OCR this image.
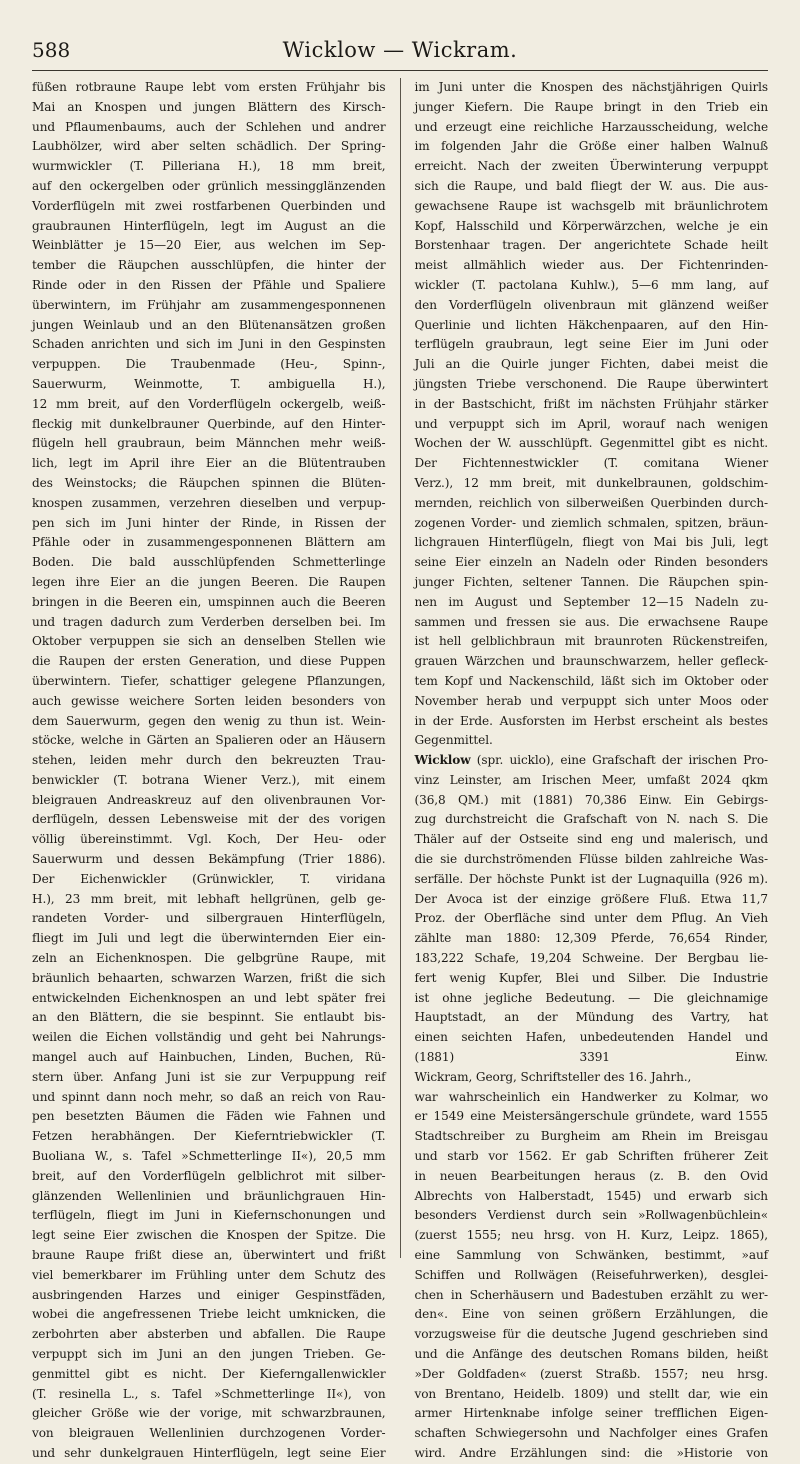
588	Wicklow — Wickram.
füßen rotbraune Raupe lebt vom ersten Frühjahr bis
Mai an Knospen und jungen Blättern des Kirsch-
und Pflaumenbaums, auch der Schlehen und andrer
Laubhölzer, wird aber selten schädlich. Der Spring-
wurmwickler (T. Pilleriana H.), 18 mm breit,
auf den ockergelben oder grünlich messingglänzenden
Vorderflügeln mit zwei rostfarbenen Querbinden und
graubraunen Hinterflügeln, legt im August an die
Weinblätter je 15—20 Eier, aus welchen im Sep-
tember die Räupchen ausschlüpfen, die hinter der
Rinde oder in den Rissen der Pfähle und Spaliere
überwintern, im Frühjahr am zusammengesponnenen
jungen Weinlaub und an den Blütenansätzen großen
Schaden anrichten und sich im Juni in den Gespinsten
verpuppen. Die Traubenmade (Heu-, Spinn-,
Sauerwurm, Weinmotte, T. ambiguella H.),
12 mm breit, auf den Vorderflügeln ockergelb, weiß-
fleckig mit dunkelbrauner Querbinde, auf den Hinter-
flügeln hell graubraun, beim Männchen mehr weiß-
lich, legt im April ihre Eier an die Blütentrauben
des Weinstocks; die Räupchen spinnen die Blüten-
knospen zusammen, verzehren dieselben und verpup-
pen sich im Juni hinter der Rinde, in Rissen der
Pfähle oder in zusammengesponnenen Blättern am
Boden. Die bald ausschlüpfenden Schmetterlinge
legen ihre Eier an die jungen Beeren. Die Raupen
bringen in die Beeren ein, umspinnen auch die Beeren
und tragen dadurch zum Verderben derselben bei. Im
Oktober verpuppen sie sich an denselben Stellen wie
die Raupen der ersten Generation, und diese Puppen
überwintern. Tiefer, schattiger gelegene Pflanzungen,
auch gewisse weichere Sorten leiden besonders von
dem Sauerwurm, gegen den wenig zu thun ist. Wein-
stöcke, welche in Gärten an Spalieren oder an Häusern
stehen, leiden mehr durch den bekreuzten Trau-
benwickler (T. botrana Wiener Verz.), mit einem
bleigrauen Andreaskreuz auf den olivenbraunen Vor-
derflügeln, dessen Lebensweise mit der des vorigen
völlig übereinstimmt. Vgl. Koch, Der Heu- oder
Sauerwurm und dessen Bekämpfung (Trier 1886).
Der Eichenwickler (Grünwickler, T. viridana
H.), 23 mm breit, mit lebhaft hellgrünen, gelb ge-
randeten Vorder- und silbergrauen Hinterflügeln,
fliegt im Juli und legt die überwinternden Eier ein-
zeln an Eichenknospen. Die gelbgrüne Raupe, mit
bräunlich behaarten, schwarzen Warzen, frißt die sich
entwickelnden Eichenknospen an und lebt später frei
an den Blättern, die sie bespinnt. Sie entlaubt bis-
weilen die Eichen vollständig und geht bei Nahrungs-
mangel auch auf Hainbuchen, Linden, Buchen, Rü-
stern über. Anfang Juni ist sie zur Verpuppung reif
und spinnt dann noch mehr, so daß an reich von Rau-
pen besetzten Bäumen die Fäden wie Fahnen und
Fetzen herabhängen. Der Kieferntriebwickler (T.
Buoliana W., s. Tafel »Schmetterlinge II«), 20,5 mm
breit, auf den Vorderflügeln gelblichrot mit silber-
glänzenden Wellenlinien und bräunlichgrauen Hin-
terflügeln, fliegt im Juni in Kiefernschonungen und
legt seine Eier zwischen die Knospen der Spitze. Die
braune Raupe frißt diese an, überwintert und frißt
viel bemerkbarer im Frühling unter dem Schutz des
ausbringenden Harzes und einiger Gespinstfäden,
wobei die angefressenen Triebe leicht umknicken, die
zerbohrten aber absterben und abfallen. Die Raupe
verpuppt sich im Juni an den jungen Trieben. Ge-
genmittel gibt es nicht. Der Kieferngallenwickler
(T. resinella L., s. Tafel »Schmetterlinge II«), von
gleicher Größe wie der vorige, mit schwarzbraunen,
von bleigrauen Wellenlinien durchzogenen Vorder-
und sehr dunkelgrauen Hinterflügeln, legt seine Eier
im Juni unter die Knospen des nächstjährigen Quirls
junger Kiefern. Die Raupe bringt in den Trieb ein
und erzeugt eine reichliche Harzausscheidung, welche
im folgenden Jahr die Größe einer halben Walnuß
erreicht. Nach der zweiten Überwinterung verpuppt
sich die Raupe, und bald fliegt der W. aus. Die aus-
gewachsene Raupe ist wachsgelb mit bräunlichrotem
Kopf, Halsschild und Körperwärzchen, welche je ein
Borstenhaar tragen. Der angerichtete Schade heilt
meist allmählich wieder aus. Der Fichtenrinden-
wickler (T. pactolana Kuhlw.), 5—6 mm lang, auf
den Vorderflügeln olivenbraun mit glänzend weißer
Querlinie und lichten Häkchenpaaren, auf den Hin-
terflügeln graubraun, legt seine Eier im Juni oder
Juli an die Quirle junger Fichten, dabei meist die
jüngsten Triebe verschonend. Die Raupe überwintert
in der Bastschicht, frißt im nächsten Frühjahr stärker
und verpuppt sich im April, worauf nach wenigen
Wochen der W. ausschlüpft. Gegenmittel gibt es nicht.
Der Fichtennestwickler (T. comitana Wiener
Verz.), 12 mm breit, mit dunkelbraunen, goldschim-
mernden, reichlich von silberweißen Querbinden durch-
zogenen Vorder- und ziemlich schmalen, spitzen, bräun-
lichgrauen Hinterflügeln, fliegt von Mai bis Juli, legt
seine Eier einzeln an Nadeln oder Rinden besonders
junger Fichten, seltener Tannen. Die Räupchen spin-
nen im August und September 12—15 Nadeln zu-
sammen und fressen sie aus. Die erwachsene Raupe
ist hell gelblichbraun mit braunroten Rückenstreifen,
grauen Wärzchen und braunschwarzem, heller gefleck-
tem Kopf und Nackenschild, läßt sich im Oktober oder
November herab und verpuppt sich unter Moos oder
in der Erde. Ausforsten im Herbst erscheint als bestes
Gegenmittel.
Wicklow (spr. uicklo), eine Grafschaft der irischen Pro-
vinz Leinster, am Irischen Meer, umfaßt 2024 qkm
(36,8 QM.) mit (1881) 70,386 Einw. Ein Gebirgs-
zug durchstreicht die Grafschaft von N. nach S. Die
Thäler auf der Ostseite sind eng und malerisch, und
die sie durchströmenden Flüsse bilden zahlreiche Was-
serfälle. Der höchste Punkt ist der Lugnaquilla (926 m).
Der Avoca ist der einzige größere Fluß. Etwa 11,7
Proz. der Oberfläche sind unter dem Pflug. An Vieh
zählte man 1880: 12,309 Pferde, 76,654 Rinder,
183,222 Schafe, 19,204 Schweine. Der Bergbau lie-
fert wenig Kupfer, Blei und Silber. Die Industrie
ist ohne jegliche Bedeutung. — Die gleichnamige
Hauptstadt, an der Mündung des Vartry, hat
einen seichten Hafen, unbedeutenden Handel und
(1881) 3391 Einw.
Wickram, Georg, Schriftsteller des 16. Jahrh.,
war wahrscheinlich ein Handwerker zu Kolmar, wo
er 1549 eine Meistersängerschule gründete, ward 1555
Stadtschreiber zu Burgheim am Rhein im Breisgau
und starb vor 1562. Er gab Schriften früherer Zeit
in neuen Bearbeitungen heraus (z. B. den Ovid
Albrechts von Halberstadt, 1545) und erwarb sich
besonders Verdienst durch sein »Rollwagenbüchlein«
(zuerst 1555; neu hrsg. von H. Kurz, Leipz. 1865),
eine Sammlung von Schwänken, bestimmt, »auf
Schiffen und Rollwägen (Reisefuhrwerken), desglei-
chen in Scherhäusern und Badestuben erzählt zu wer-
den«. Eine von seinen größern Erzählungen, die
vorzugsweise für die deutsche Jugend geschrieben sind
und die Anfänge des deutschen Romans bilden, heißt
»Der Goldfaden« (zuerst Straßb. 1557; neu hrsg.
von Brentano, Heidelb. 1809) und stellt dar, wie ein
armer Hirtenknabe infolge seiner trefflichen Eigen-
schaften Schwiegersohn und Nachfolger eines Grafen
wird. Andre Erzählungen sind: die »Historie von
